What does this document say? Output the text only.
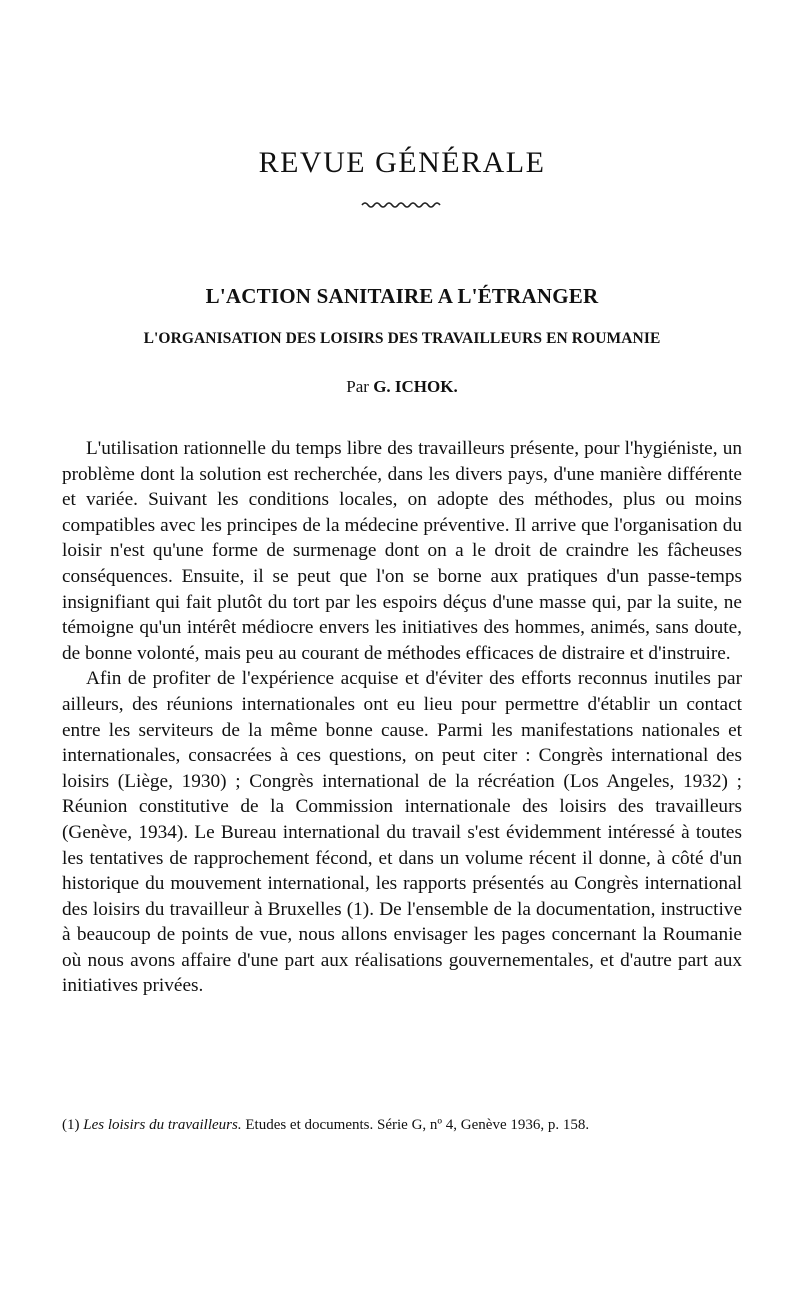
REVUE GÉNÉRALE
L'ACTION SANITAIRE A L'ÉTRANGER
L'ORGANISATION DES LOISIRS DES TRAVAILLEURS EN ROUMANIE

Par G. ICHOK.

L'utilisation rationnelle du temps libre des travailleurs présente, pour l'hygiéniste, un problème dont la solution est recherchée, dans les divers pays, d'une manière différente et variée. Suivant les conditions locales, on adopte des méthodes, plus ou moins compatibles avec les principes de la médecine préventive. Il arrive que l'organisation du loisir n'est qu'une forme de surmenage dont on a le droit de craindre les fâcheuses conséquences. Ensuite, il se peut que l'on se borne aux pratiques d'un passe-temps insignifiant qui fait plutôt du tort par les espoirs déçus d'une masse qui, par la suite, ne témoigne qu'un intérêt médiocre envers les initiatives des hommes, animés, sans doute, de bonne volonté, mais peu au courant de méthodes efficaces de distraire et d'instruire.

Afin de profiter de l'expérience acquise et d'éviter des efforts reconnus inutiles par ailleurs, des réunions internationales ont eu lieu pour permettre d'établir un contact entre les serviteurs de la même bonne cause. Parmi les manifestations nationales et internationales, consacrées à ces questions, on peut citer : Congrès international des loisirs (Liège, 1930) ; Congrès international de la récréation (Los Angeles, 1932) ; Réunion constitutive de la Commission internationale des loisirs des travailleurs (Genève, 1934). Le Bureau international du travail s'est évidemment intéressé à toutes les tentatives de rapprochement fécond, et dans un volume récent il donne, à côté d'un historique du mouvement international, les rapports présentés au Congrès international des loisirs du travailleur à Bruxelles (1). De l'ensemble de la documentation, instructive à beaucoup de points de vue, nous allons envisager les pages concernant la Roumanie où nous avons affaire d'une part aux réalisations gouvernementales, et d'autre part aux initiatives privées.

(1) Les loisirs du travailleurs. Etudes et documents. Série G, nº 4, Genève 1936, p. 158.
